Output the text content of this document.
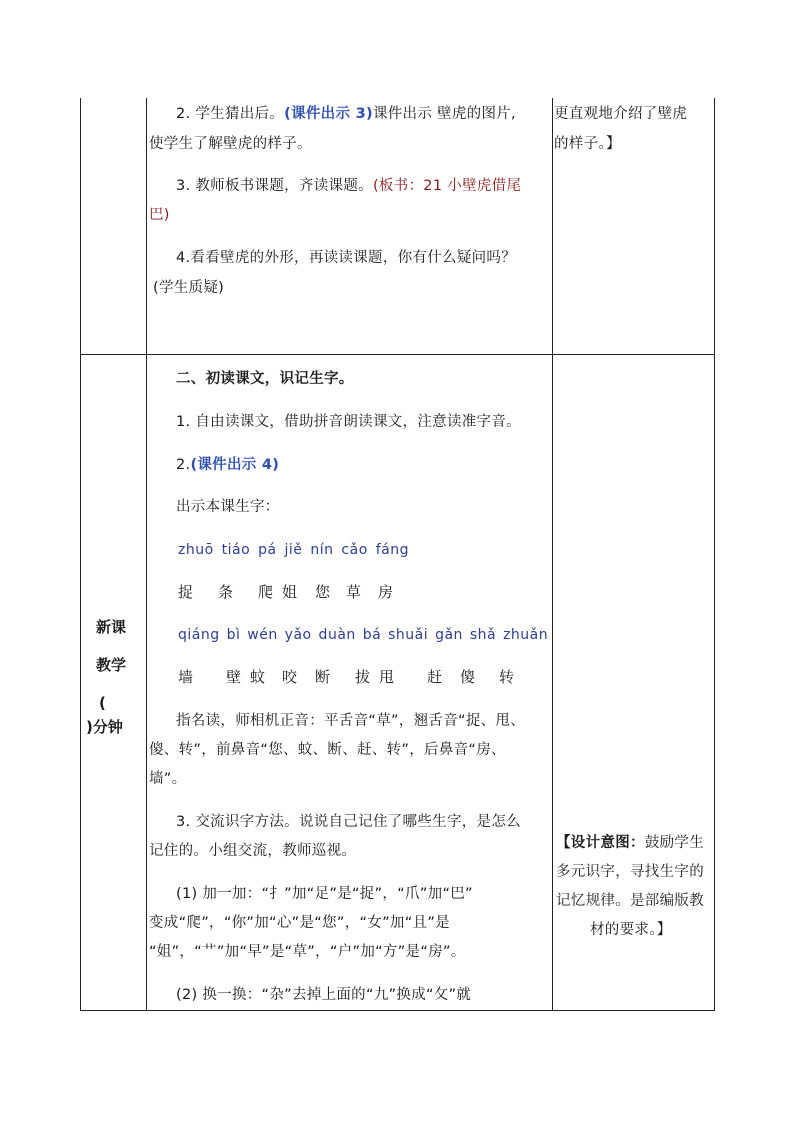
2. 学生猜出后。(课件出示 3)课件出示 壁虎的图片,
使学生了解壁虎的样子。
3. 教师板书课题，齐读课题。(板书：21 小壁虎借尾
巴)
4.看看壁虎的外形，再读读课题，你有什么疑问吗？
(学生质疑)
更直观地介绍了壁虎
的样子。】
新课
教学
(
)分钟
二、初读课文，识记生字。
1. 自由读课文，借助拼音朗读课文，注意读准字音。
2.(课件出示 4)
出示本课生字：
zhuō tiáo pá jiě nín cǎo fáng
捉 条 爬 姐 您 草 房
qiáng bì wén yǎo duàn bá shuǎi gǎn shǎ zhuǎn
墙 壁 蚊 咬 断 拔 甩 赶 傻 转
指名读，师相机正音：平舌音“草”，翘舌音“捉、甩、
傻、转”，前鼻音“您、蚊、断、赶、转”，后鼻音“房、
墙”。
3. 交流识字方法。说说自己记住了哪些生字，是怎么
记住的。小组交流，教师巡视。
(1) 加一加：“扌”加“足”是“捉”，“爪”加“巴”
变成“爬”，“你”加“心”是“您”，“女”加“且”是
“姐”，“艹”加“早”是“草”，“户”加“方”是“房”。
(2) 换一换：“杂”去掉上面的“九”换成“攵”就
【设计意图：鼓励学生
多元识字，寻找生字的
记忆规律。是部编版教
材的要求。】
